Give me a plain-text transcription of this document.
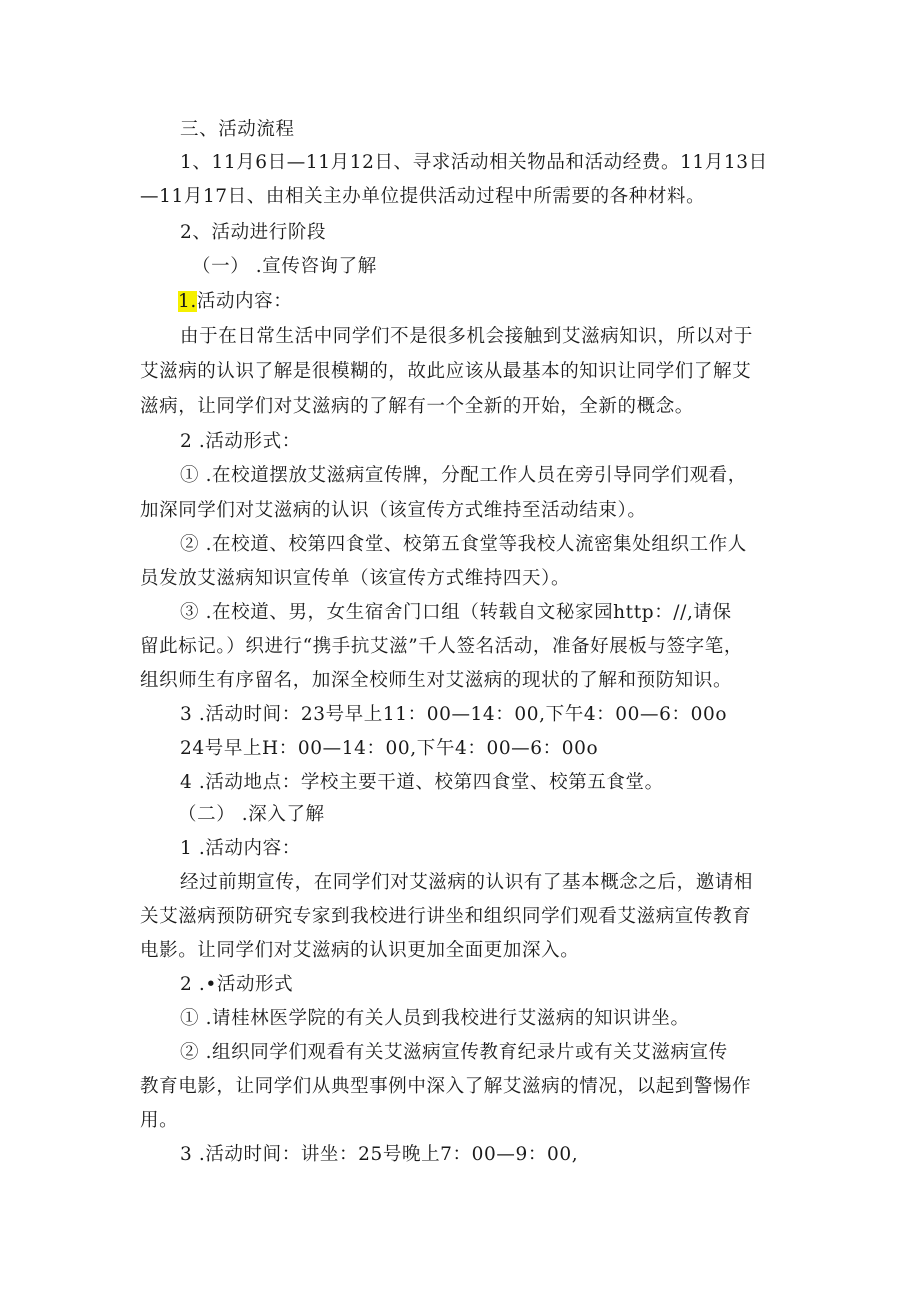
三、活动流程
1、11月6日—11月12日、寻求活动相关物品和活动经费。11月13日
—11月17日、由相关主办单位提供活动过程中所需要的各种材料。
2、活动进行阶段
（一） .宣传咨询了解
1.活动内容：
由于在日常生活中同学们不是很多机会接触到艾滋病知识，所以对于
艾滋病的认识了解是很模糊的，故此应该从最基本的知识让同学们了解艾
滋病，让同学们对艾滋病的了解有一个全新的开始，全新的概念。
2 .活动形式：
① .在校道摆放艾滋病宣传牌，分配工作人员在旁引导同学们观看，
加深同学们对艾滋病的认识（该宣传方式维持至活动结束）。
② .在校道、校第四食堂、校第五食堂等我校人流密集处组织工作人
员发放艾滋病知识宣传单（该宣传方式维持四天）。
③ .在校道、男，女生宿舍门口组（转载自文秘家园http：//,请保
留此标记。）织进行“携手抗艾滋”千人签名活动，准备好展板与签字笔，
组织师生有序留名，加深全校师生对艾滋病的现状的了解和预防知识。
3 .活动时间：23号早上11：00—14：00,下午4：00—6：00o
24号早上H：00—14：00,下午4：00—6：00o
4 .活动地点：学校主要干道、校第四食堂、校第五食堂。
（二） .深入了解
1 .活动内容：
经过前期宣传，在同学们对艾滋病的认识有了基本概念之后，邀请相
关艾滋病预防研究专家到我校进行讲坐和组织同学们观看艾滋病宣传教育
电影。让同学们对艾滋病的认识更加全面更加深入。
2 .•活动形式
① .请桂林医学院的有关人员到我校进行艾滋病的知识讲坐。
② .组织同学们观看有关艾滋病宣传教育纪录片或有关艾滋病宣传
教育电影，让同学们从典型事例中深入了解艾滋病的情况，以起到警惕作
用。
3 .活动时间：讲坐：25号晚上7：00—9：00,
